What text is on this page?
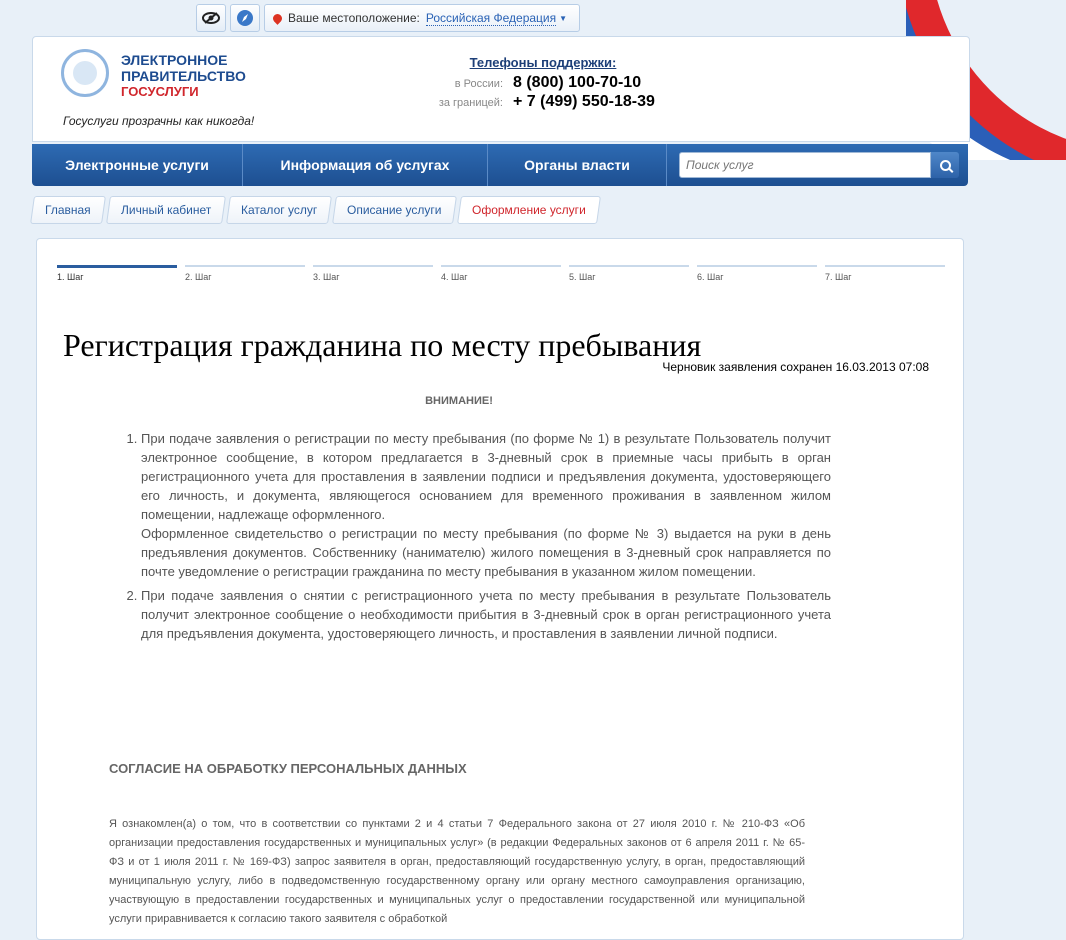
Ваше местоположение: Российская Федерация ▼
ЭЛЕКТРОННОЕ
ПРАВИТЕЛЬСТВО
ГОСУСЛУГИ
Госуслуги прозрачны как никогда!
Телефоны поддержки:
в России: 8 (800) 100-70-10
за границей: + 7 (499) 550-18-39
Электронные услуги	Информация об услугах	Органы власти
Поиск услуг
Главная	Личный кабинет	Каталог услуг	Описание услуги	Оформление услуги
1. Шаг	2. Шаг	3. Шаг	4. Шаг	5. Шаг	6. Шаг	7. Шаг
Регистрация гражданина по месту пребывания
Черновик заявления сохранен 16.03.2013 07:08
ВНИМАНИЕ!
1. При подаче заявления о регистрации по месту пребывания (по форме № 1) в результате Пользователь получит электронное сообщение, в котором предлагается в 3-дневный срок в приемные часы прибыть в орган регистрационного учета для проставления в заявлении подписи и предъявления документа, удостоверяющего его личность, и документа, являющегося основанием для временного проживания в заявленном жилом помещении, надлежаще оформленного.
Оформленное свидетельство о регистрации по месту пребывания (по форме № 3) выдается на руки в день предъявления документов. Собственнику (нанимателю) жилого помещения в 3-дневный срок направляется по почте уведомление о регистрации гражданина по месту пребывания в указанном жилом помещении.
2. При подаче заявления о снятии с регистрационного учета по месту пребывания в результате Пользователь получит электронное сообщение о необходимости прибытия в 3-дневный срок в орган регистрационного учета для предъявления документа, удостоверяющего личность, и проставления в заявлении личной подписи.
СОГЛАСИЕ НА ОБРАБОТКУ ПЕРСОНАЛЬНЫХ ДАННЫХ
Я ознакомлен(а) о том, что в соответствии со пунктами 2 и 4 статьи 7 Федерального закона от 27 июля 2010 г. № 210-ФЗ «Об организации предоставления государственных и муниципальных услуг» (в редакции Федеральных законов от 6 апреля 2011 г. № 65-ФЗ и от 1 июля 2011 г. № 169-ФЗ) запрос заявителя в орган, предоставляющий государственную услугу, в орган, предоставляющий муниципальную услугу, либо в подведомственную государственному органу или органу местного самоуправления организацию, участвующую в предоставлении государственных и муниципальных услуг о предоставлении государственной или муниципальной услуги приравнивается к согласию такого заявителя с обработкой
